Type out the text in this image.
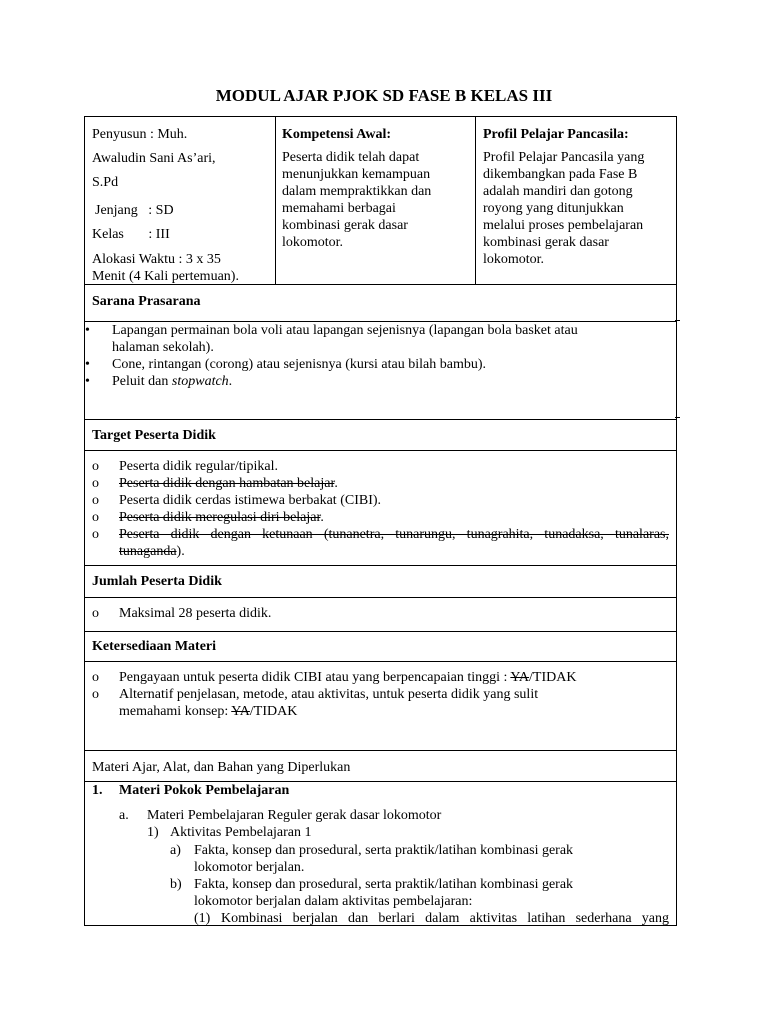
MODUL AJAR PJOK SD FASE B KELAS III
Penyusun : Muh.
Awaludin Sani As’ari,
S.Pd
Jenjang   : SD
Kelas       : III
Alokasi Waktu : 3 x 35
Menit (4 Kali pertemuan).
Kompetensi Awal:
Peserta didik telah dapat
menunjukkan kemampuan
dalam mempraktikkan dan
memahami berbagai
kombinasi gerak dasar
lokomotor.
Profil Pelajar Pancasila:
Profil Pelajar Pancasila yang
dikembangkan pada Fase B
adalah mandiri dan gotong
royong yang ditunjukkan
melalui proses pembelajaran
kombinasi gerak dasar
lokomotor.
Sarana Prasarana
• Lapangan permainan bola voli atau lapangan sejenisnya (lapangan bola basket atau
halaman sekolah).
• Cone, rintangan (corong) atau sejenisnya (kursi atau bilah bambu).
• Peluit dan stopwatch.
Target Peserta Didik
o Peserta didik regular/tipikal.
o Peserta didik dengan hambatan belajar.
o Peserta didik cerdas istimewa berbakat (CIBI).
o Peserta didik meregulasi diri belajar.
o Peserta didik dengan ketunaan (tunanetra, tunarungu, tunagrahita, tunadaksa, tunalaras,
tunaganda).
Jumlah Peserta Didik
o Maksimal 28 peserta didik.
Ketersediaan Materi
o Pengayaan untuk peserta didik CIBI atau yang berpencapaian tinggi : YA/TIDAK
o Alternatif penjelasan, metode, atau aktivitas, untuk peserta didik yang sulit
memahami konsep: YA/TIDAK
Materi Ajar, Alat, dan Bahan yang Diperlukan
1. Materi Pokok Pembelajaran
a. Materi Pembelajaran Reguler gerak dasar lokomotor
1) Aktivitas Pembelajaran 1
a) Fakta, konsep dan prosedural, serta praktik/latihan kombinasi gerak
lokomotor berjalan.
b) Fakta, konsep dan prosedural, serta praktik/latihan kombinasi gerak
lokomotor berjalan dalam aktivitas pembelajaran:
(1) Kombinasi berjalan dan berlari dalam aktivitas latihan sederhana yang
